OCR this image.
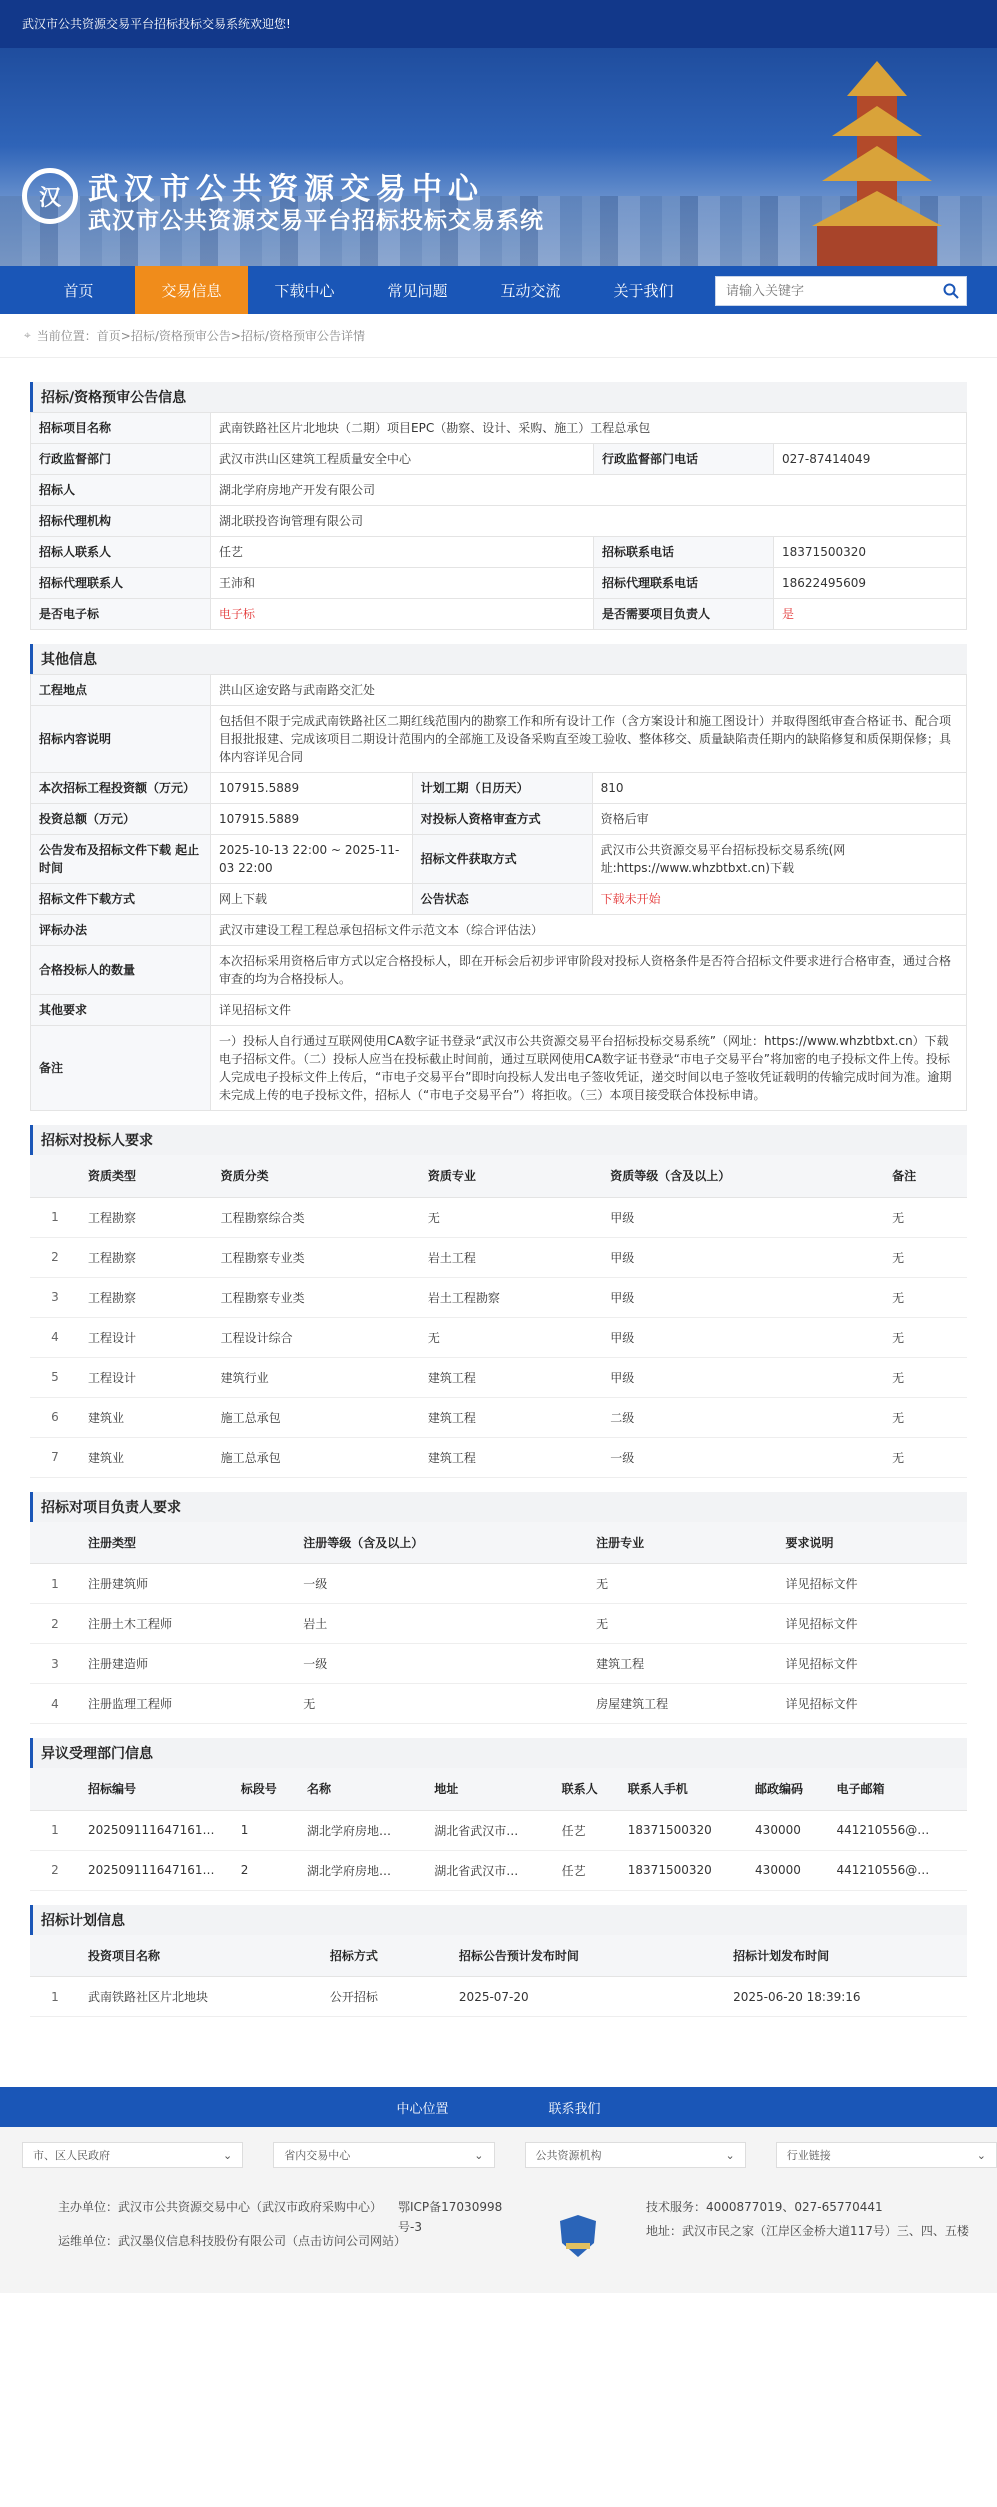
武汉市公共资源交易平台招标投标交易系统欢迎您!
汉 武汉市公共资源交易中心
武汉市公共资源交易平台招标投标交易系统
首页	交易信息	下载中心	常见问题	互动交流	关于我们
请输入关键字
⌖ 当前位置： 首页>招标/资格预审公告>招标/资格预审公告详情
招标/资格预审公告信息
招标项目名称	武南铁路社区片北地块（二期）项目EPC（勘察、设计、采购、施工）工程总承包		
行政监督部门	武汉市洪山区建筑工程质量安全中心	行政监督部门电话	027-87414049
招标人	湖北学府房地产开发有限公司		
招标代理机构	湖北联投咨询管理有限公司		
招标人联系人	任艺	招标联系电话	18371500320
招标代理联系人	王沛和	招标代理联系电话	18622495609
是否电子标	电子标	是否需要项目负责人	是
其他信息
工程地点	洪山区途安路与武南路交汇处		
招标内容说明	包括但不限于完成武南铁路社区二期红线范围内的勘察工作和所有设计工作（含方案设计和施工图设计）并取得图纸审查合格证书、配合项目报批报建、完成该项目二期设计范围内的全部施工及设备采购直至竣工验收、整体移交、质量缺陷责任期内的缺陷修复和质保期保修；具体内容详见合同		
本次招标工程投资额（万元）	107915.5889	计划工期（日历天）	810
投资总额（万元）	107915.5889	对投标人资格审查方式	资格后审
公告发布及招标文件下载 起止时间	2025-10-13 22:00 ~ 2025-11-03 22:00	招标文件获取方式	武汉市公共资源交易平台招标投标交易系统(网址:https://www.whzbtbxt.cn)下载
招标文件下载方式	网上下载	公告状态	下载未开始
评标办法	武汉市建设工程工程总承包招标文件示范文本（综合评估法）		
合格投标人的数量	本次招标采用资格后审方式以定合格投标人，即在开标会后初步评审阶段对投标人资格条件是否符合招标文件要求进行合格审查，通过合格审查的均为合格投标人。		
其他要求	详见招标文件		
备注	一）投标人自行通过互联网使用CA数字证书登录“武汉市公共资源交易平台招标投标交易系统”（网址：https://www.whzbtbxt.cn）下载电子招标文件。（二）投标人应当在投标截止时间前，通过互联网使用CA数字证书登录“市电子交易平台”将加密的电子投标文件上传。投标人完成电子投标文件上传后，“市电子交易平台”即时向投标人发出电子签收凭证，递交时间以电子签收凭证载明的传输完成时间为准。逾期未完成上传的电子投标文件，招标人（“市电子交易平台”）将拒收。（三）本项目接受联合体投标申请。		
招标对投标人要求
	资质类型	资质分类	资质专业	资质等级（含及以上）	备注
1	工程勘察	工程勘察综合类	无	甲级	无
2	工程勘察	工程勘察专业类	岩土工程	甲级	无
3	工程勘察	工程勘察专业类	岩土工程勘察	甲级	无
4	工程设计	工程设计综合	无	甲级	无
5	工程设计	建筑行业	建筑工程	甲级	无
6	建筑业	施工总承包	建筑工程	二级	无
7	建筑业	施工总承包	建筑工程	一级	无
招标对项目负责人要求
	注册类型	注册等级（含及以上）	注册专业	要求说明
1	注册建筑师	一级	无	详见招标文件
2	注册土木工程师	岩土	无	详见招标文件
3	注册建造师	一级	建筑工程	详见招标文件
4	注册监理工程师	无	房屋建筑工程	详见招标文件
异议受理部门信息
	招标编号	标段号	名称	地址	联系人	联系人手机	邮政编码	电子邮箱
1	202509111647161…	1	湖北学府房地…	湖北省武汉市…	任艺	18371500320	430000	441210556@…
2	202509111647161…	2	湖北学府房地…	湖北省武汉市…	任艺	18371500320	430000	441210556@…
招标计划信息
	投资项目名称	招标方式	招标公告预计发布时间	招标计划发布时间
1	武南铁路社区片北地块	公开招标	2025-07-20	2025-06-20 18:39:16
中心位置	联系我们
市、区人民政府	⌄	省内交易中心	⌄	公共资源机构	⌄	行业链接	⌄
主办单位：武汉市公共资源交易中心（武汉市政府采购中心）
运维单位：武汉墨仪信息科技股份有限公司（点击访问公司网站）
鄂ICP备17030998号-3
技术服务：4000877019、027-65770441
地址：武汉市民之家（江岸区金桥大道117号）三、四、五楼
